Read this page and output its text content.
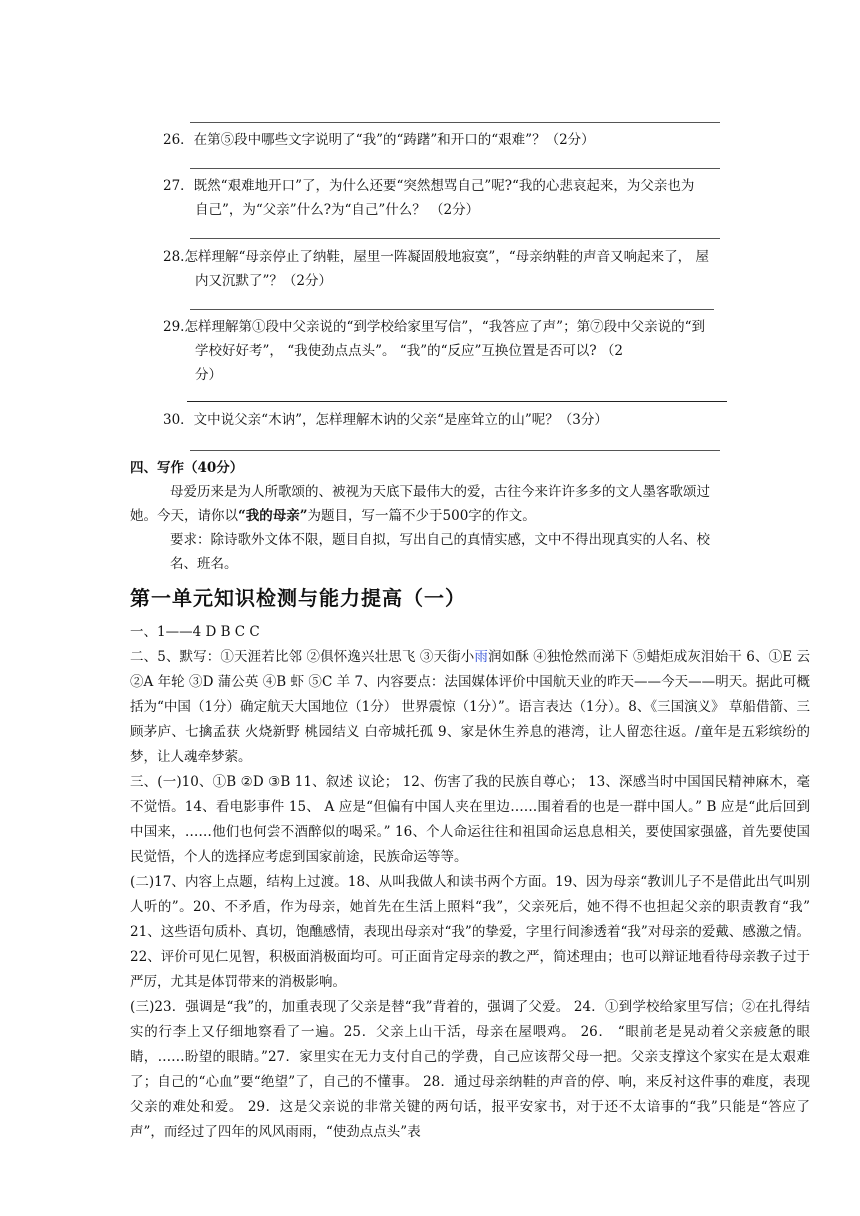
26．在第⑤段中哪些文字说明了“我”的“踌躇”和开口的“艰难”？（2分）
27．既然“艰难地开口”了，为什么还要“突然想骂自己”呢?“我的心悲哀起来，为父亲也为
自己”，为“父亲”什么?为“自己”什么？ （2分）
28.怎样理解“母亲停止了纳鞋，屋里一阵凝固般地寂寞”，“母亲纳鞋的声音又响起来了， 屋
内又沉默了”？（2分）
29.怎样理解第①段中父亲说的“到学校给家里写信”，“我答应了声”；第⑦段中父亲说的“到
学校好好考”， “我使劲点点头”。 “我”的“反应”互换位置是否可以? （2
分）
30．文中说父亲“木讷”，怎样理解木讷的父亲“是座耸立的山”呢？（3分）
四、写作（40分）
母爱历来是为人所歌颂的、被视为天底下最伟大的爱，古往今来许许多多的文人墨客歌颂过
她。今天，请你以“我的母亲”为题目，写一篇不少于500字的作文。
要求：除诗歌外文体不限，题目自拟，写出自己的真情实感，文中不得出现真实的人名、校
名、班名。
第一单元知识检测与能力提高（一）

一、1——4 D B C C

二、5、默写：①天涯若比邻 ②俱怀逸兴壮思飞 ③天街小雨润如酥 ④独怆然而涕下 ⑤蜡炬成灰泪始干 6、①E 云 ②A 年轮 ③D 蒲公英 ④B 虾 ⑤C 羊 7、内容要点：法国媒体评价中国航天业的昨天——今天——明天。据此可概括为“中国（1分）确定航天大国地位（1分） 世界震惊（1分）”。语言表达（1分）。8、《三国演义》 草船借箭、三顾茅庐、七擒孟获 火烧新野 桃园结义 白帝城托孤 9、家是休生养息的港湾，让人留恋往返。/童年是五彩缤纷的梦，让人魂牵梦萦。

三、(一)10、①B ②D ③B 11、叙述 议论； 12、伤害了我的民族自尊心； 13、深感当时中国国民精神麻木，毫不觉悟。14、看电影事件 15、 A 应是“但偏有中国人夹在里边……围着看的也是一群中国人。” B 应是“此后回到中国来，……他们也何尝不酒醉似的喝采。” 16、个人命运往往和祖国命运息息相关，要使国家强盛，首先要使国民觉悟，个人的选择应考虑到国家前途，民族命运等等。

(二)17、内容上点题，结构上过渡。18、从叫我做人和读书两个方面。19、因为母亲“教训儿子不是借此出气叫别人听的”。20、不矛盾，作为母亲，她首先在生活上照料“我”，父亲死后，她不得不也担起父亲的职责教育“我” 21、这些语句质朴、真切，饱醮感情，表现出母亲对“我”的挚爱，字里行间渗透着“我”对母亲的爱戴、感激之情。22、评价可见仁见智，积极面消极面均可。可正面肯定母亲的教之严，简述理由；也可以辩证地看待母亲教子过于严厉，尤其是体罚带来的消极影响。

(三)23．强调是“我”的，加重表现了父亲是替“我”背着的，强调了父爱。 24．①到学校给家里写信；②在扎得结实的行李上又仔细地察看了一遍。25．父亲上山干活，母亲在屋喂鸡。 26． “眼前老是晃动着父亲疲惫的眼睛，……盼望的眼睛。”27．家里实在无力支付自己的学费，自己应该帮父母一把。父亲支撑这个家实在是太艰难了；自己的“心血”要“绝望”了，自己的不懂事。 28．通过母亲纳鞋的声音的停、响，来反衬这件事的难度，表现父亲的难处和爱。 29．这是父亲说的非常关键的两句话，报平安家书，对于还不太谙事的“我”只能是“答应了声”，而经过了四年的风风雨雨，“使劲点点头”表
